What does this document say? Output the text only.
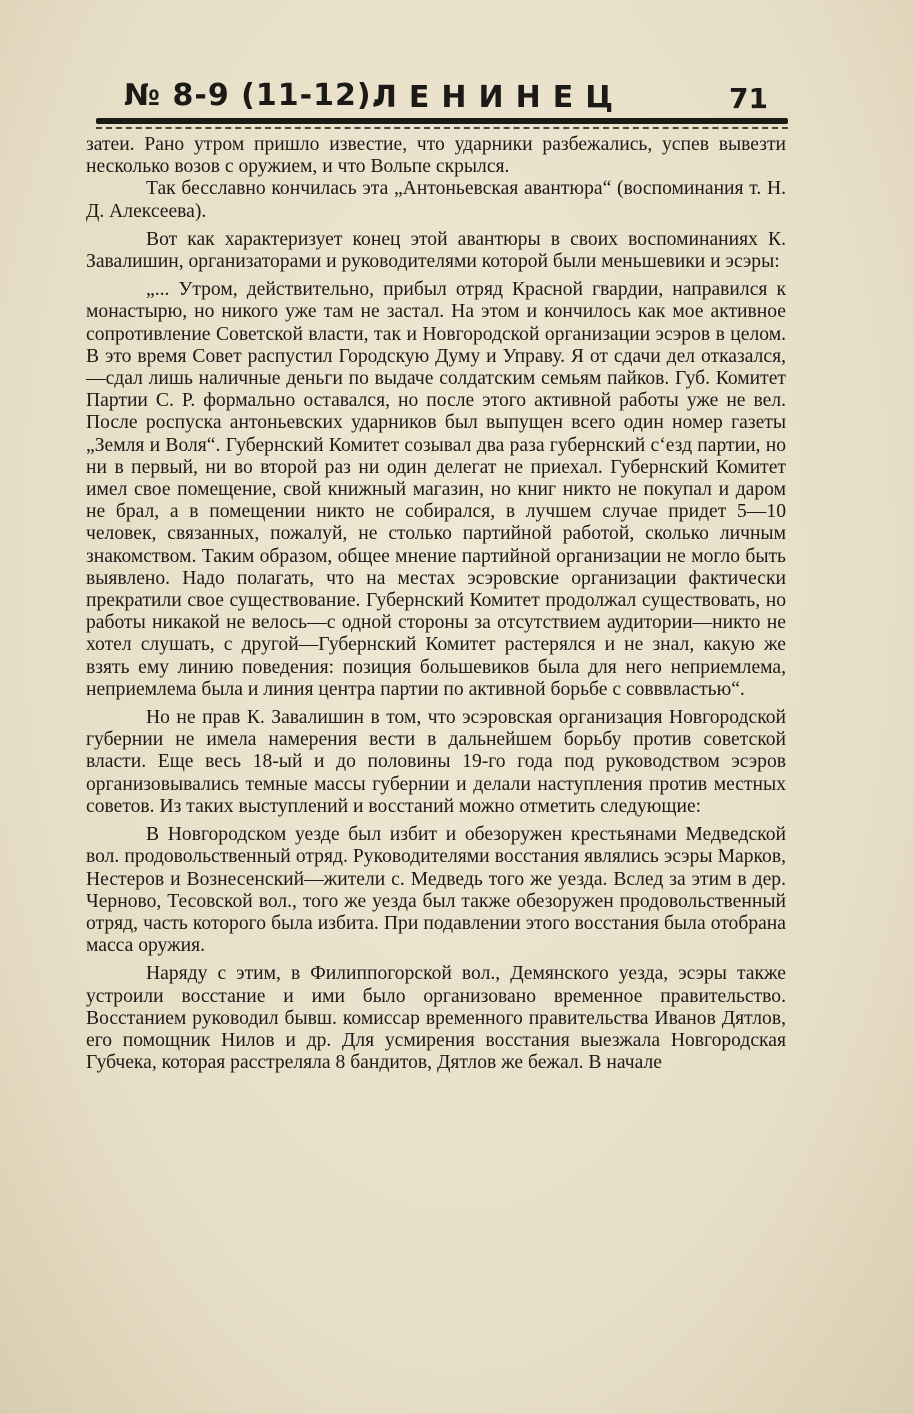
№ 8-9 (11-12).
ЛЕНИНЕЦ	71

затеи. Рано утром пришло известие, что ударники разбежались, успев вывезти несколько возов с оружием, и что Вольпе скрылся.

Так бесславно кончилась эта „Антоньевская авантюра“ (воспоминания т. Н. Д. Алексеева).

Вот как характеризует конец этой авантюры в своих воспоминаниях К. Завалишин, организаторами и руководителями которой были меньшевики и эсэры:

„... Утром, действительно, прибыл отряд Красной гвардии, направился к монастырю, но никого уже там не застал. На этом и кончилось как мое активное сопротивление Советской власти, так и Новгородской организации эсэров в целом. В это время Совет распустил Городскую Думу и Управу. Я от сдачи дел отказался,—сдал лишь наличные деньги по выдаче солдатским семьям пайков. Губ. Комитет Партии С. Р. формально оставался, но после этого активной работы уже не вел. После роспуска антоньевских ударников был выпущен всего один номер газеты „Земля и Воля“. Губернский Комитет созывал два раза губернский с‘езд партии, но ни в первый, ни во второй раз ни один делегат не приехал. Губернский Комитет имел свое помещение, свой книжный магазин, но книг никто не покупал и даром не брал, а в помещении никто не собирался, в лучшем случае придет 5—10 человек, связанных, пожалуй, не столько партийной работой, сколько личным знакомством. Таким образом, общее мнение партийной организации не могло быть выявлено. Надо полагать, что на местах эсэровские организации фактически прекратили свое существование. Губернский Комитет продолжал существовать, но работы никакой не велось—с одной стороны за отсутствием аудитории—никто не хотел слушать, с другой—Губернский Комитет растерялся и не знал, какую же взять ему линию поведения: позиция большевиков была для него неприемлема, неприемлема была и линия центра партии по активной борьбе с совввластью“.

Но не прав К. Завалишин в том, что эсэровская организация Новгородской губернии не имела намерения вести в дальнейшем борьбу против советской власти. Еще весь 18-ый и до половины 19-го года под руководством эсэров организовывались темные массы губернии и делали наступления против местных советов. Из таких выступлений и восстаний можно отметить следующие:

В Новгородском уезде был избит и обезоружен крестьянами Медведской вол. продовольственный отряд. Руководителями восстания являлись эсэры Марков, Нестеров и Вознесенский—жители с. Медведь того же уезда. Вслед за этим в дер. Черново, Тесовской вол., того же уезда был также обезоружен продовольственный отряд, часть которого была избита. При подавлении этого восстания была отобрана масса оружия.

Наряду с этим, в Филиппогорской вол., Демянского уезда, эсэры также устроили восстание и ими было организовано временное правительство. Восстанием руководил бывш. комиссар временного правительства Иванов Дятлов, его помощник Нилов и др. Для усмирения восстания выезжала Новгородская Губчека, которая расстреляла 8 бандитов, Дятлов же бежал. В начале
